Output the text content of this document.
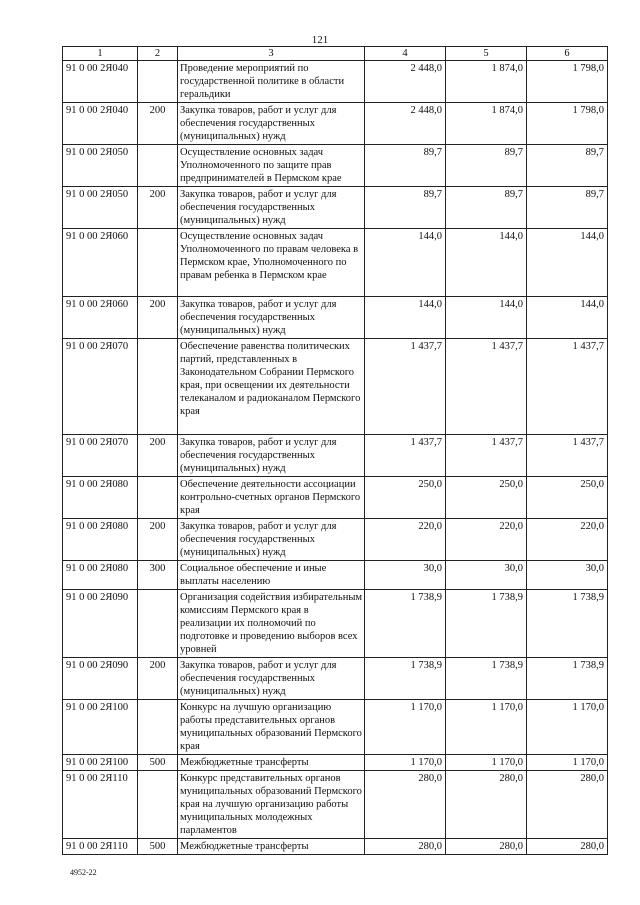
121
1	2	3	4	5	6
91 0 00 2Я040		Проведение мероприятий по государственной политике в области геральдики	2 448,0	1 874,0	1 798,0
91 0 00 2Я040	200	Закупка товаров, работ и услуг для обеспечения государственных (муниципальных) нужд	2 448,0	1 874,0	1 798,0
91 0 00 2Я050		Осуществление основных задач Уполномоченного по защите прав предпринимателей в Пермском крае	89,7	89,7	89,7
91 0 00 2Я050	200	Закупка товаров, работ и услуг для обеспечения государственных (муниципальных) нужд	89,7	89,7	89,7
91 0 00 2Я060		Осуществление основных задач Уполномоченного по правам человека в Пермском крае, Уполномоченного по правам ребенка в Пермском крае	144,0	144,0	144,0
91 0 00 2Я060	200	Закупка товаров, работ и услуг для обеспечения государственных (муниципальных) нужд	144,0	144,0	144,0
91 0 00 2Я070		Обеспечение равенства политических партий, представленных в Законодательном Собрании Пермского края, при освещении их деятельности телеканалом и радиоканалом Пермского края	1 437,7	1 437,7	1 437,7
91 0 00 2Я070	200	Закупка товаров, работ и услуг для обеспечения государственных (муниципальных) нужд	1 437,7	1 437,7	1 437,7
91 0 00 2Я080		Обеспечение деятельности ассоциации контрольно-счетных органов Пермского края	250,0	250,0	250,0
91 0 00 2Я080	200	Закупка товаров, работ и услуг для обеспечения государственных (муниципальных) нужд	220,0	220,0	220,0
91 0 00 2Я080	300	Социальное обеспечение и иные выплаты населению	30,0	30,0	30,0
91 0 00 2Я090		Организация содействия избирательным комиссиям Пермского края в реализации их полномочий по подготовке и проведению выборов всех уровней	1 738,9	1 738,9	1 738,9
91 0 00 2Я090	200	Закупка товаров, работ и услуг для обеспечения государственных (муниципальных) нужд	1 738,9	1 738,9	1 738,9
91 0 00 2Я100		Конкурс на лучшую организацию работы представительных органов муниципальных образований Пермского края	1 170,0	1 170,0	1 170,0
91 0 00 2Я100	500	Межбюджетные трансферты	1 170,0	1 170,0	1 170,0
91 0 00 2Я110		Конкурс представительных органов муниципальных образований Пермского края на лучшую организацию работы муниципальных молодежных парламентов	280,0	280,0	280,0
91 0 00 2Я110	500	Межбюджетные трансферты	280,0	280,0	280,0
4952-22
